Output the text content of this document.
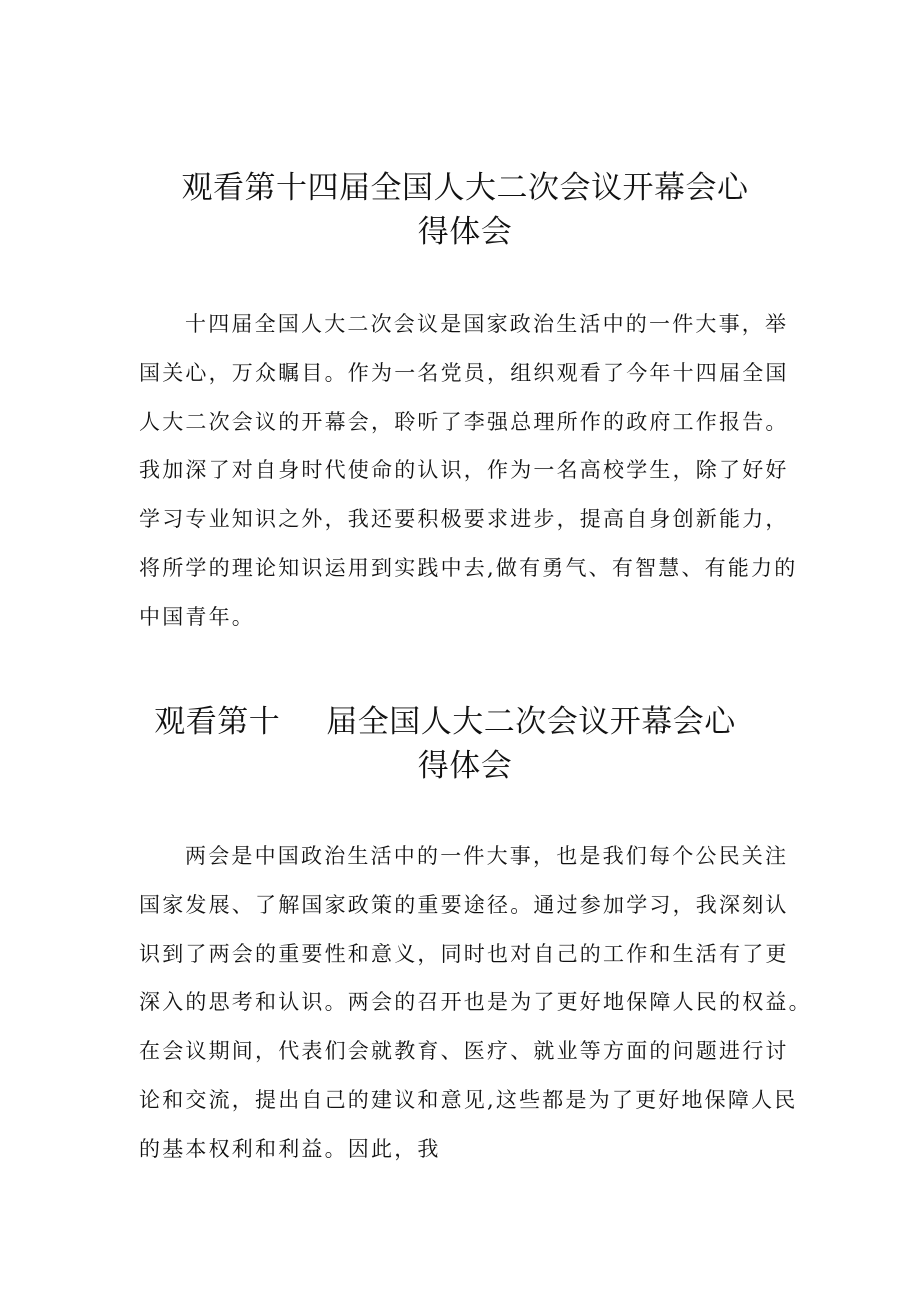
观看第十四届全国人大二次会议开幕会心
得体会

十四届全国人大二次会议是国家政治生活中的一件大事，举
国关心，万众瞩目。作为一名党员，组织观看了今年十四届全国
人大二次会议的开幕会，聆听了李强总理所作的政府工作报告。
我加深了对自身时代使命的认识，作为一名高校学生，除了好好
学习专业知识之外，我还要积极要求进步，提高自身创新能力，
将所学的理论知识运用到实践中去,做有勇气、有智慧、有能力的
中国青年。

观看第十 届全国人大二次会议开幕会心
得体会

两会是中国政治生活中的一件大事，也是我们每个公民关注
国家发展、了解国家政策的重要途径。通过参加学习，我深刻认
识到了两会的重要性和意义，同时也对自己的工作和生活有了更
深入的思考和认识。两会的召开也是为了更好地保障人民的权益。
在会议期间，代表们会就教育、医疗、就业等方面的问题进行讨
论和交流，提出自己的建议和意见,这些都是为了更好地保障人民
的基本权利和利益。因此，我
